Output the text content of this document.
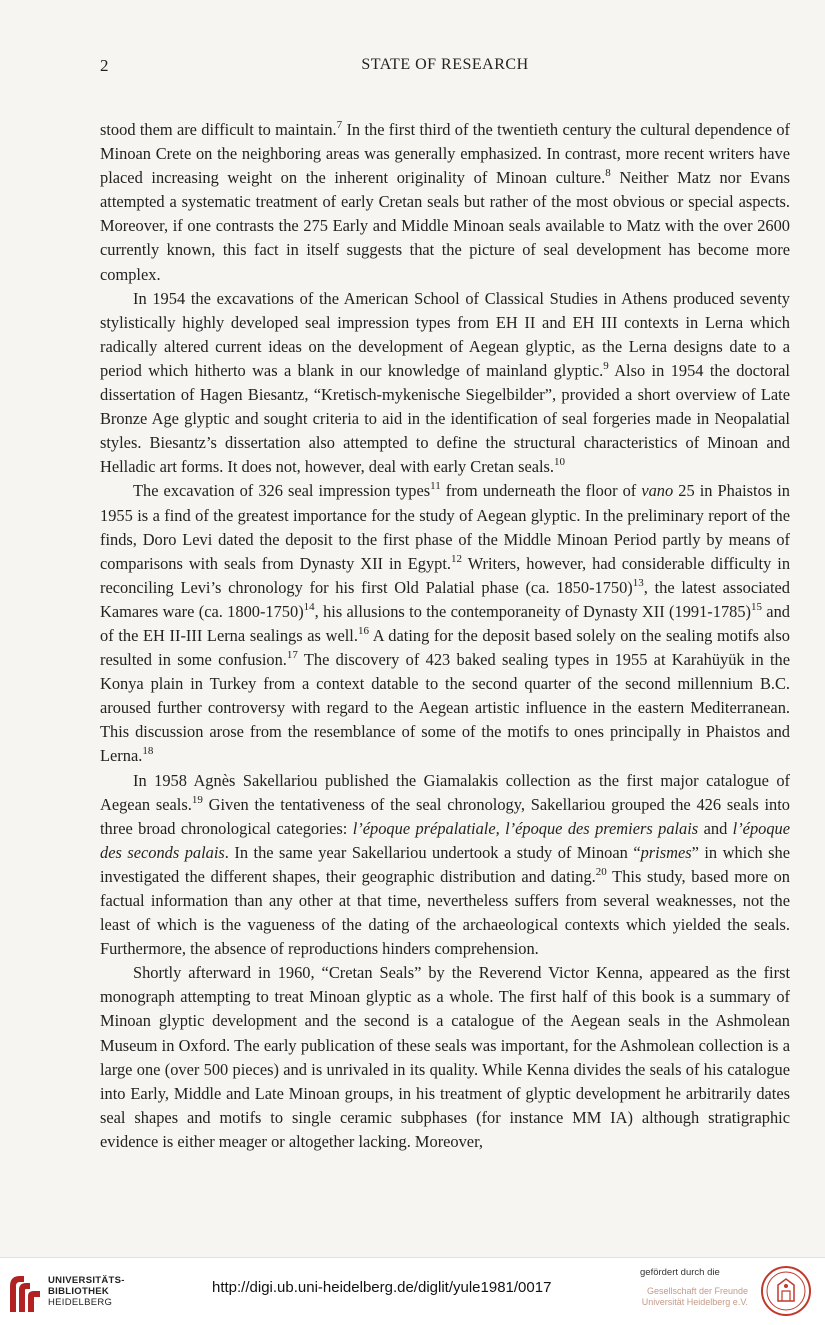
2	STATE OF RESEARCH

stood them are difficult to maintain.$^7$ In the first third of the twentieth century the cultural dependence of Minoan Crete on the neighboring areas was generally emphasized. In contrast, more recent writers have placed increasing weight on the inherent originality of Minoan culture.$^8$ Neither Matz nor Evans attempted a systematic treatment of early Cretan seals but rather of the most obvious or special aspects. Moreover, if one contrasts the 275 Early and Middle Minoan seals available to Matz with the over 2600 currently known, this fact in itself suggests that the picture of seal development has become more complex.

In 1954 the excavations of the American School of Classical Studies in Athens produced seventy stylistically highly developed seal impression types from EH II and EH III contexts in Lerna which radically altered current ideas on the development of Aegean glyptic, as the Lerna designs date to a period which hitherto was a blank in our knowledge of mainland glyptic.$^9$ Also in 1954 the doctoral dissertation of Hagen Biesantz, “Kretisch-mykenische Siegelbilder”, provided a short overview of Late Bronze Age glyptic and sought criteria to aid in the identification of seal forgeries made in Neopalatial styles. Biesantz’s dissertation also attempted to define the structural characteristics of Minoan and Helladic art forms. It does not, however, deal with early Cretan seals.$^{10}$

The excavation of 326 seal impression types$^{11}$ from underneath the floor of vano 25 in Phaistos in 1955 is a find of the greatest importance for the study of Aegean glyptic. In the preliminary report of the finds, Doro Levi dated the deposit to the first phase of the Middle Minoan Period partly by means of comparisons with seals from Dynasty XII in Egypt.$^{12}$ Writers, however, had considerable difficulty in reconciling Levi’s chronology for his first Old Palatial phase (ca. 1850-1750)$^{13}$, the latest associated Kamares ware (ca. 1800-1750)$^{14}$, his allusions to the contemporaneity of Dynasty XII (1991-1785)$^{15}$ and of the EH II-III Lerna sealings as well.$^{16}$ A dating for the deposit based solely on the sealing motifs also resulted in some confusion.$^{17}$ The discovery of 423 baked sealing types in 1955 at Karahüyük in the Konya plain in Turkey from a context datable to the second quarter of the second millennium B.C. aroused further controversy with regard to the Aegean artistic influence in the eastern Mediterranean. This discussion arose from the resemblance of some of the motifs to ones principally in Phaistos and Lerna.$^{18}$

In 1958 Agnès Sakellariou published the Giamalakis collection as the first major catalogue of Aegean seals.$^{19}$ Given the tentativeness of the seal chronology, Sakellariou grouped the 426 seals into three broad chronological categories: l’époque prépalatiale, l’époque des premiers palais and l’époque des seconds palais. In the same year Sakellariou undertook a study of Minoan “prismes” in which she investigated the different shapes, their geographic distribution and dating.$^{20}$ This study, based more on factual information than any other at that time, nevertheless suffers from several weaknesses, not the least of which is the vagueness of the dating of the archaeological contexts which yielded the seals. Furthermore, the absence of reproductions hinders comprehension.

Shortly afterward in 1960, “Cretan Seals” by the Reverend Victor Kenna, appeared as the first monograph attempting to treat Minoan glyptic as a whole. The first half of this book is a summary of Minoan glyptic development and the second is a catalogue of the Aegean seals in the Ashmolean Museum in Oxford. The early publication of these seals was important, for the Ashmolean collection is a large one (over 500 pieces) and is unrivaled in its quality. While Kenna divides the seals of his catalogue into Early, Middle and Late Minoan groups, in his treatment of glyptic development he arbitrarily dates seal shapes and motifs to single ceramic subphases (for instance MM IA) although stratigraphic evidence is either meager or altogether lacking. Moreover,

UNIVERSITÄTS-
BIBLIOTHEK
HEIDELBERG
http://digi.ub.uni-heidelberg.de/diglit/yule1981/0017
gefördert durch die
Gesellschaft der Freunde
Universität Heidelberg e.V.
